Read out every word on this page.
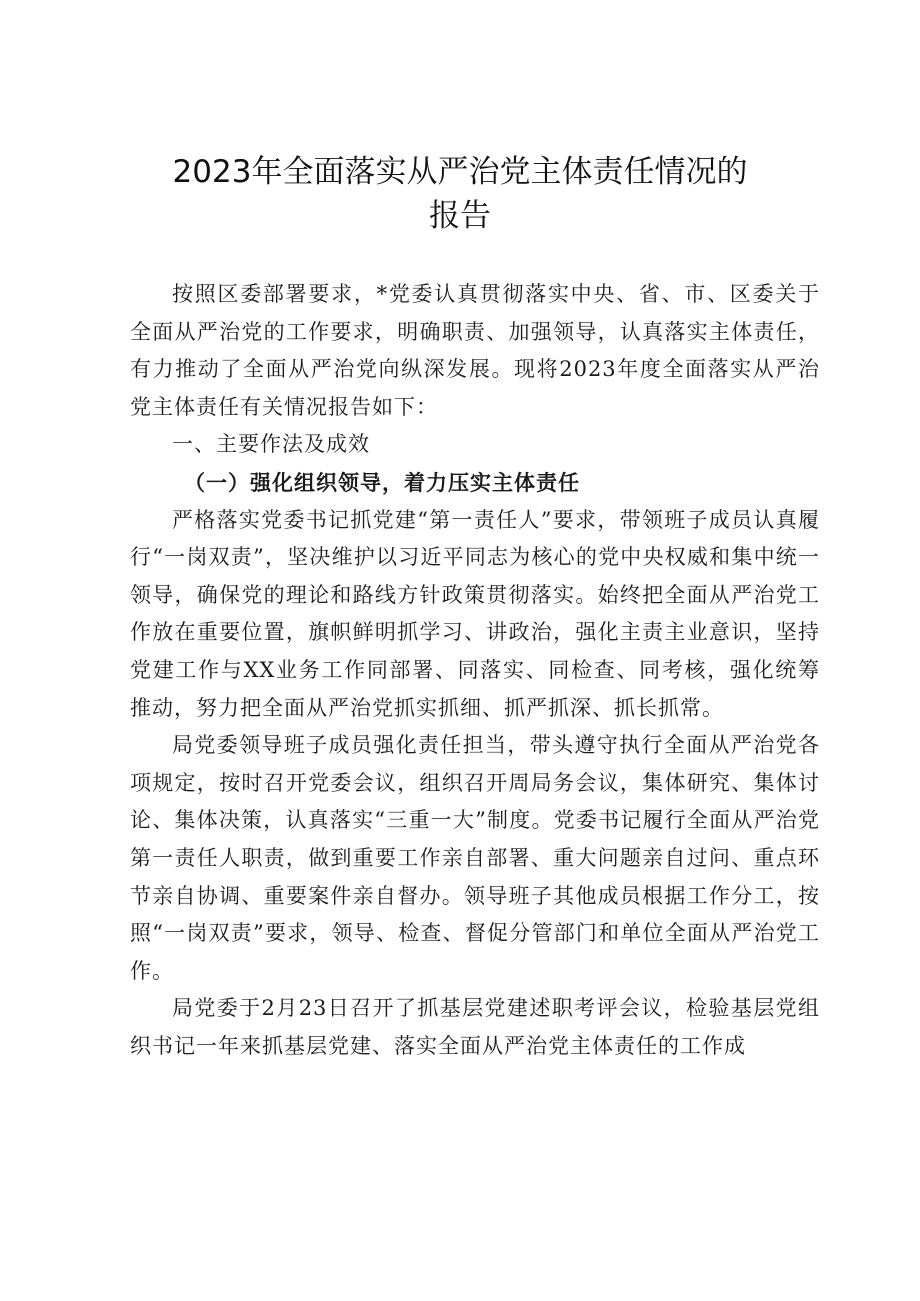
2023年全面落实从严治党主体责任情况的
报告

按照区委部署要求，*党委认真贯彻落实中央、省、市、区委关于全面从严治党的工作要求，明确职责、加强领导，认真落实主体责任，有力推动了全面从严治党向纵深发展。现将2023年度全面落实从严治党主体责任有关情况报告如下：

一、主要作法及成效

（一）强化组织领导，着力压实主体责任

严格落实党委书记抓党建“第一责任人”要求，带领班子成员认真履行“一岗双责”，坚决维护以习近平同志为核心的党中央权威和集中统一领导，确保党的理论和路线方针政策贯彻落实。始终把全面从严治党工作放在重要位置，旗帜鲜明抓学习、讲政治，强化主责主业意识，坚持党建工作与XX业务工作同部署、同落实、同检查、同考核，强化统筹推动，努力把全面从严治党抓实抓细、抓严抓深、抓长抓常。

局党委领导班子成员强化责任担当，带头遵守执行全面从严治党各项规定，按时召开党委会议，组织召开周局务会议，集体研究、集体讨论、集体决策，认真落实“三重一大”制度。党委书记履行全面从严治党第一责任人职责，做到重要工作亲自部署、重大问题亲自过问、重点环节亲自协调、重要案件亲自督办。领导班子其他成员根据工作分工，按照“一岗双责”要求，领导、检查、督促分管部门和单位全面从严治党工作。

局党委于2月23日召开了抓基层党建述职考评会议，检验基层党组织书记一年来抓基层党建、落实全面从严治党主体责任的工作成
